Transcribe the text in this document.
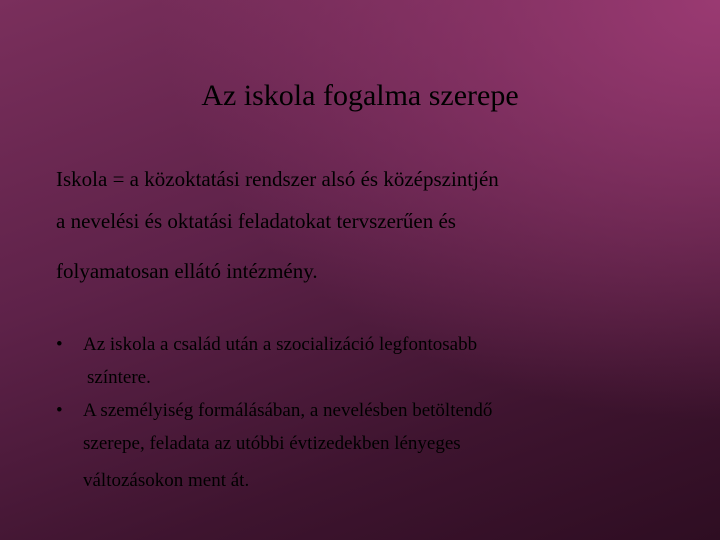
Az iskola fogalma szerepe

Iskola = a közoktatási rendszer alsó és középszintjén
a nevelési és oktatási feladatokat tervszerűen és
folyamatosan ellátó intézmény.

• Az iskola a család után a szocializáció legfontosabb
színtere.
• A személyiség formálásában, a nevelésben betöltendő
szerepe, feladata az utóbbi évtizedekben lényeges
változásokon ment át.
